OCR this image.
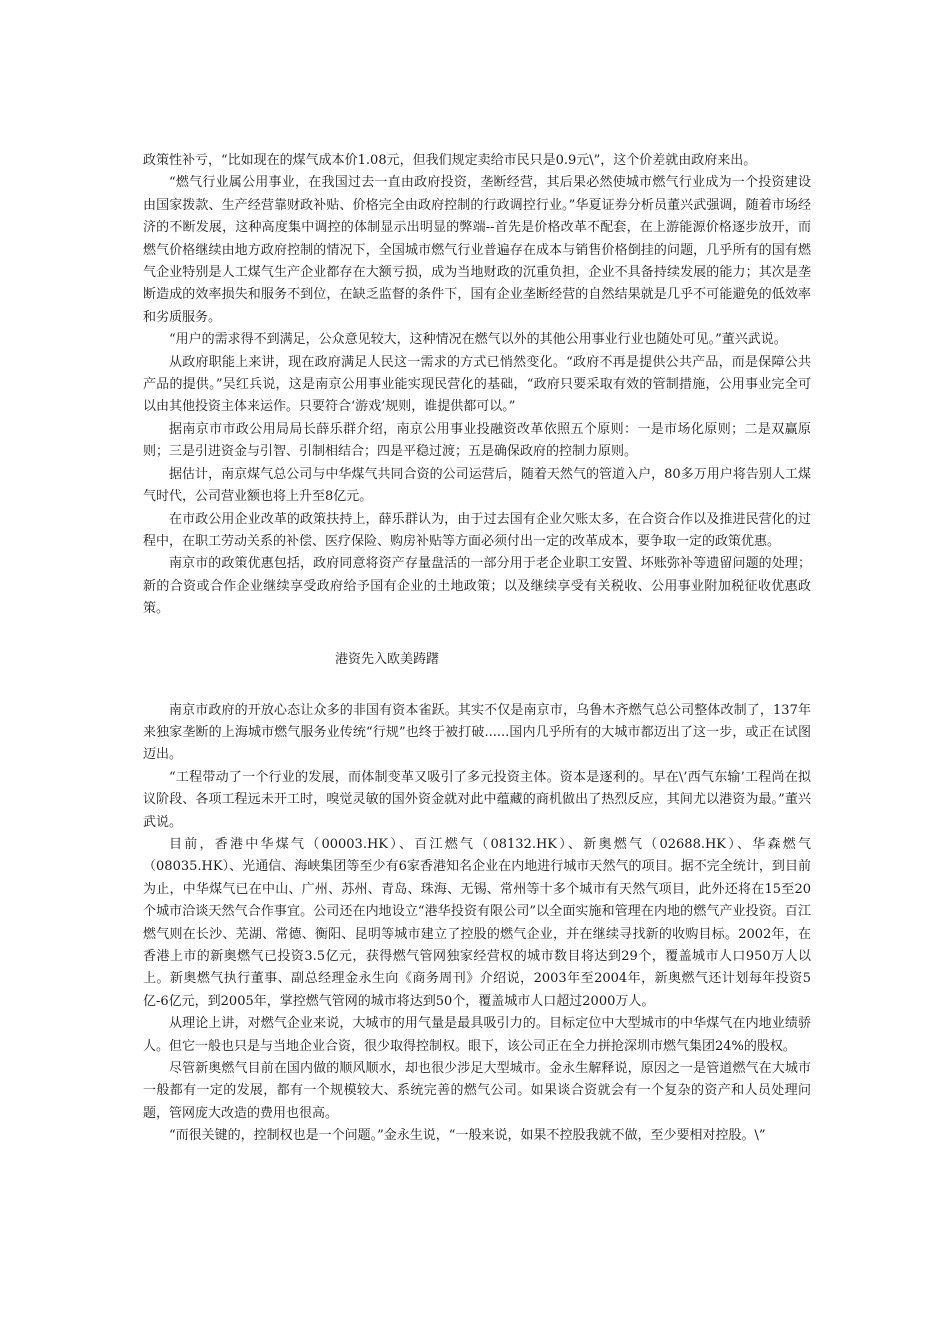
政策性补亏，“比如现在的煤气成本价1.08元，但我们规定卖给市民只是0.9元\”，这个价差就由政府来出。

“燃气行业属公用事业，在我国过去一直由政府投资，垄断经营，其后果必然使城市燃气行业成为一个投资建设由国家拨款、生产经营靠财政补贴、价格完全由政府控制的行政调控行业。”华夏证券分析员董兴武强调，随着市场经济的不断发展，这种高度集中调控的体制显示出明显的弊端--首先是价格改革不配套，在上游能源价格逐步放开，而燃气价格继续由地方政府控制的情况下，全国城市燃气行业普遍存在成本与销售价格倒挂的问题，几乎所有的国有燃气企业特别是人工煤气生产企业都存在大额亏损，成为当地财政的沉重负担，企业不具备持续发展的能力；其次是垄断造成的效率损失和服务不到位，在缺乏监督的条件下，国有企业垄断经营的自然结果就是几乎不可能避免的低效率和劣质服务。

“用户的需求得不到满足，公众意见较大，这种情况在燃气以外的其他公用事业行业也随处可见。”董兴武说。

从政府职能上来讲，现在政府满足人民这一需求的方式已悄然变化。“政府不再是提供公共产品，而是保障公共产品的提供。”吴红兵说，这是南京公用事业能实现民营化的基础，“政府只要采取有效的管制措施，公用事业完全可以由其他投资主体来运作。只要符合‘游戏’规则，谁提供都可以。”

据南京市市政公用局局长薛乐群介绍，南京公用事业投融资改革依照五个原则：一是市场化原则；二是双赢原则；三是引进资金与引智、引制相结合；四是平稳过渡；五是确保政府的控制力原则。

据估计，南京煤气总公司与中华煤气共同合资的公司运营后，随着天然气的管道入户，80多万用户将告别人工煤气时代，公司营业额也将上升至8亿元。

在市政公用企业改革的政策扶持上，薛乐群认为，由于过去国有企业欠账太多，在合资合作以及推进民营化的过程中，在职工劳动关系的补偿、医疗保险、购房补贴等方面必须付出一定的改革成本，要争取一定的政策优惠。

南京市的政策优惠包括，政府同意将资产存量盘活的一部分用于老企业职工安置、坏账弥补等遗留问题的处理；新的合资或合作企业继续享受政府给予国有企业的土地政策；以及继续享受有关税收、公用事业附加税征收优惠政策。

港资先入欧美踌躇

南京市政府的开放心态让众多的非国有资本雀跃。其实不仅是南京市，乌鲁木齐燃气总公司整体改制了，137年来独家垄断的上海城市燃气服务业传统“行规”也终于被打破......国内几乎所有的大城市都迈出了这一步，或正在试图迈出。

“工程带动了一个行业的发展，而体制变革又吸引了多元投资主体。资本是逐利的。早在\’西气东输’工程尚在拟议阶段、各项工程远未开工时，嗅觉灵敏的国外资金就对此中蕴藏的商机做出了热烈反应，其间尤以港资为最。”董兴武说。

目前，香港中华煤气（00003.HK）、百江燃气（08132.HK）、新奥燃气（02688.HK）、华森燃气（08035.HK）、光通信、海峡集团等至少有6家香港知名企业在内地进行城市天然气的项目。据不完全统计，到目前为止，中华煤气已在中山、广州、苏州、青岛、珠海、无锡、常州等十多个城市有天然气项目，此外还将在15至20个城市洽谈天然气合作事宜。公司还在内地设立“港华投资有限公司”以全面实施和管理在内地的燃气产业投资。百江燃气则在长沙、芜湖、常德、衡阳、昆明等城市建立了控股的燃气企业，并在继续寻找新的收购目标。2002年，在香港上市的新奥燃气已投资3.5亿元，获得燃气管网独家经营权的城市数目将达到29个，覆盖城市人口950万人以上。新奥燃气执行董事、副总经理金永生向《商务周刊》介绍说，2003年至2004年，新奥燃气还计划每年投资5亿-6亿元，到2005年，掌控燃气管网的城市将达到50个，覆盖城市人口超过2000万人。

从理论上讲，对燃气企业来说，大城市的用气量是最具吸引力的。目标定位中大型城市的中华煤气在内地业绩骄人。但它一般也只是与当地企业合资，很少取得控制权。眼下，该公司正在全力拼抢深圳市燃气集团24%的股权。

尽管新奥燃气目前在国内做的顺风顺水，却也很少涉足大型城市。金永生解释说，原因之一是管道燃气在大城市一般都有一定的发展，都有一个规模较大、系统完善的燃气公司。如果谈合资就会有一个复杂的资产和人员处理问题，管网庞大改造的费用也很高。

“而很关键的，控制权也是一个问题。”金永生说，“一般来说，如果不控股我就不做，至少要相对控股。\”
